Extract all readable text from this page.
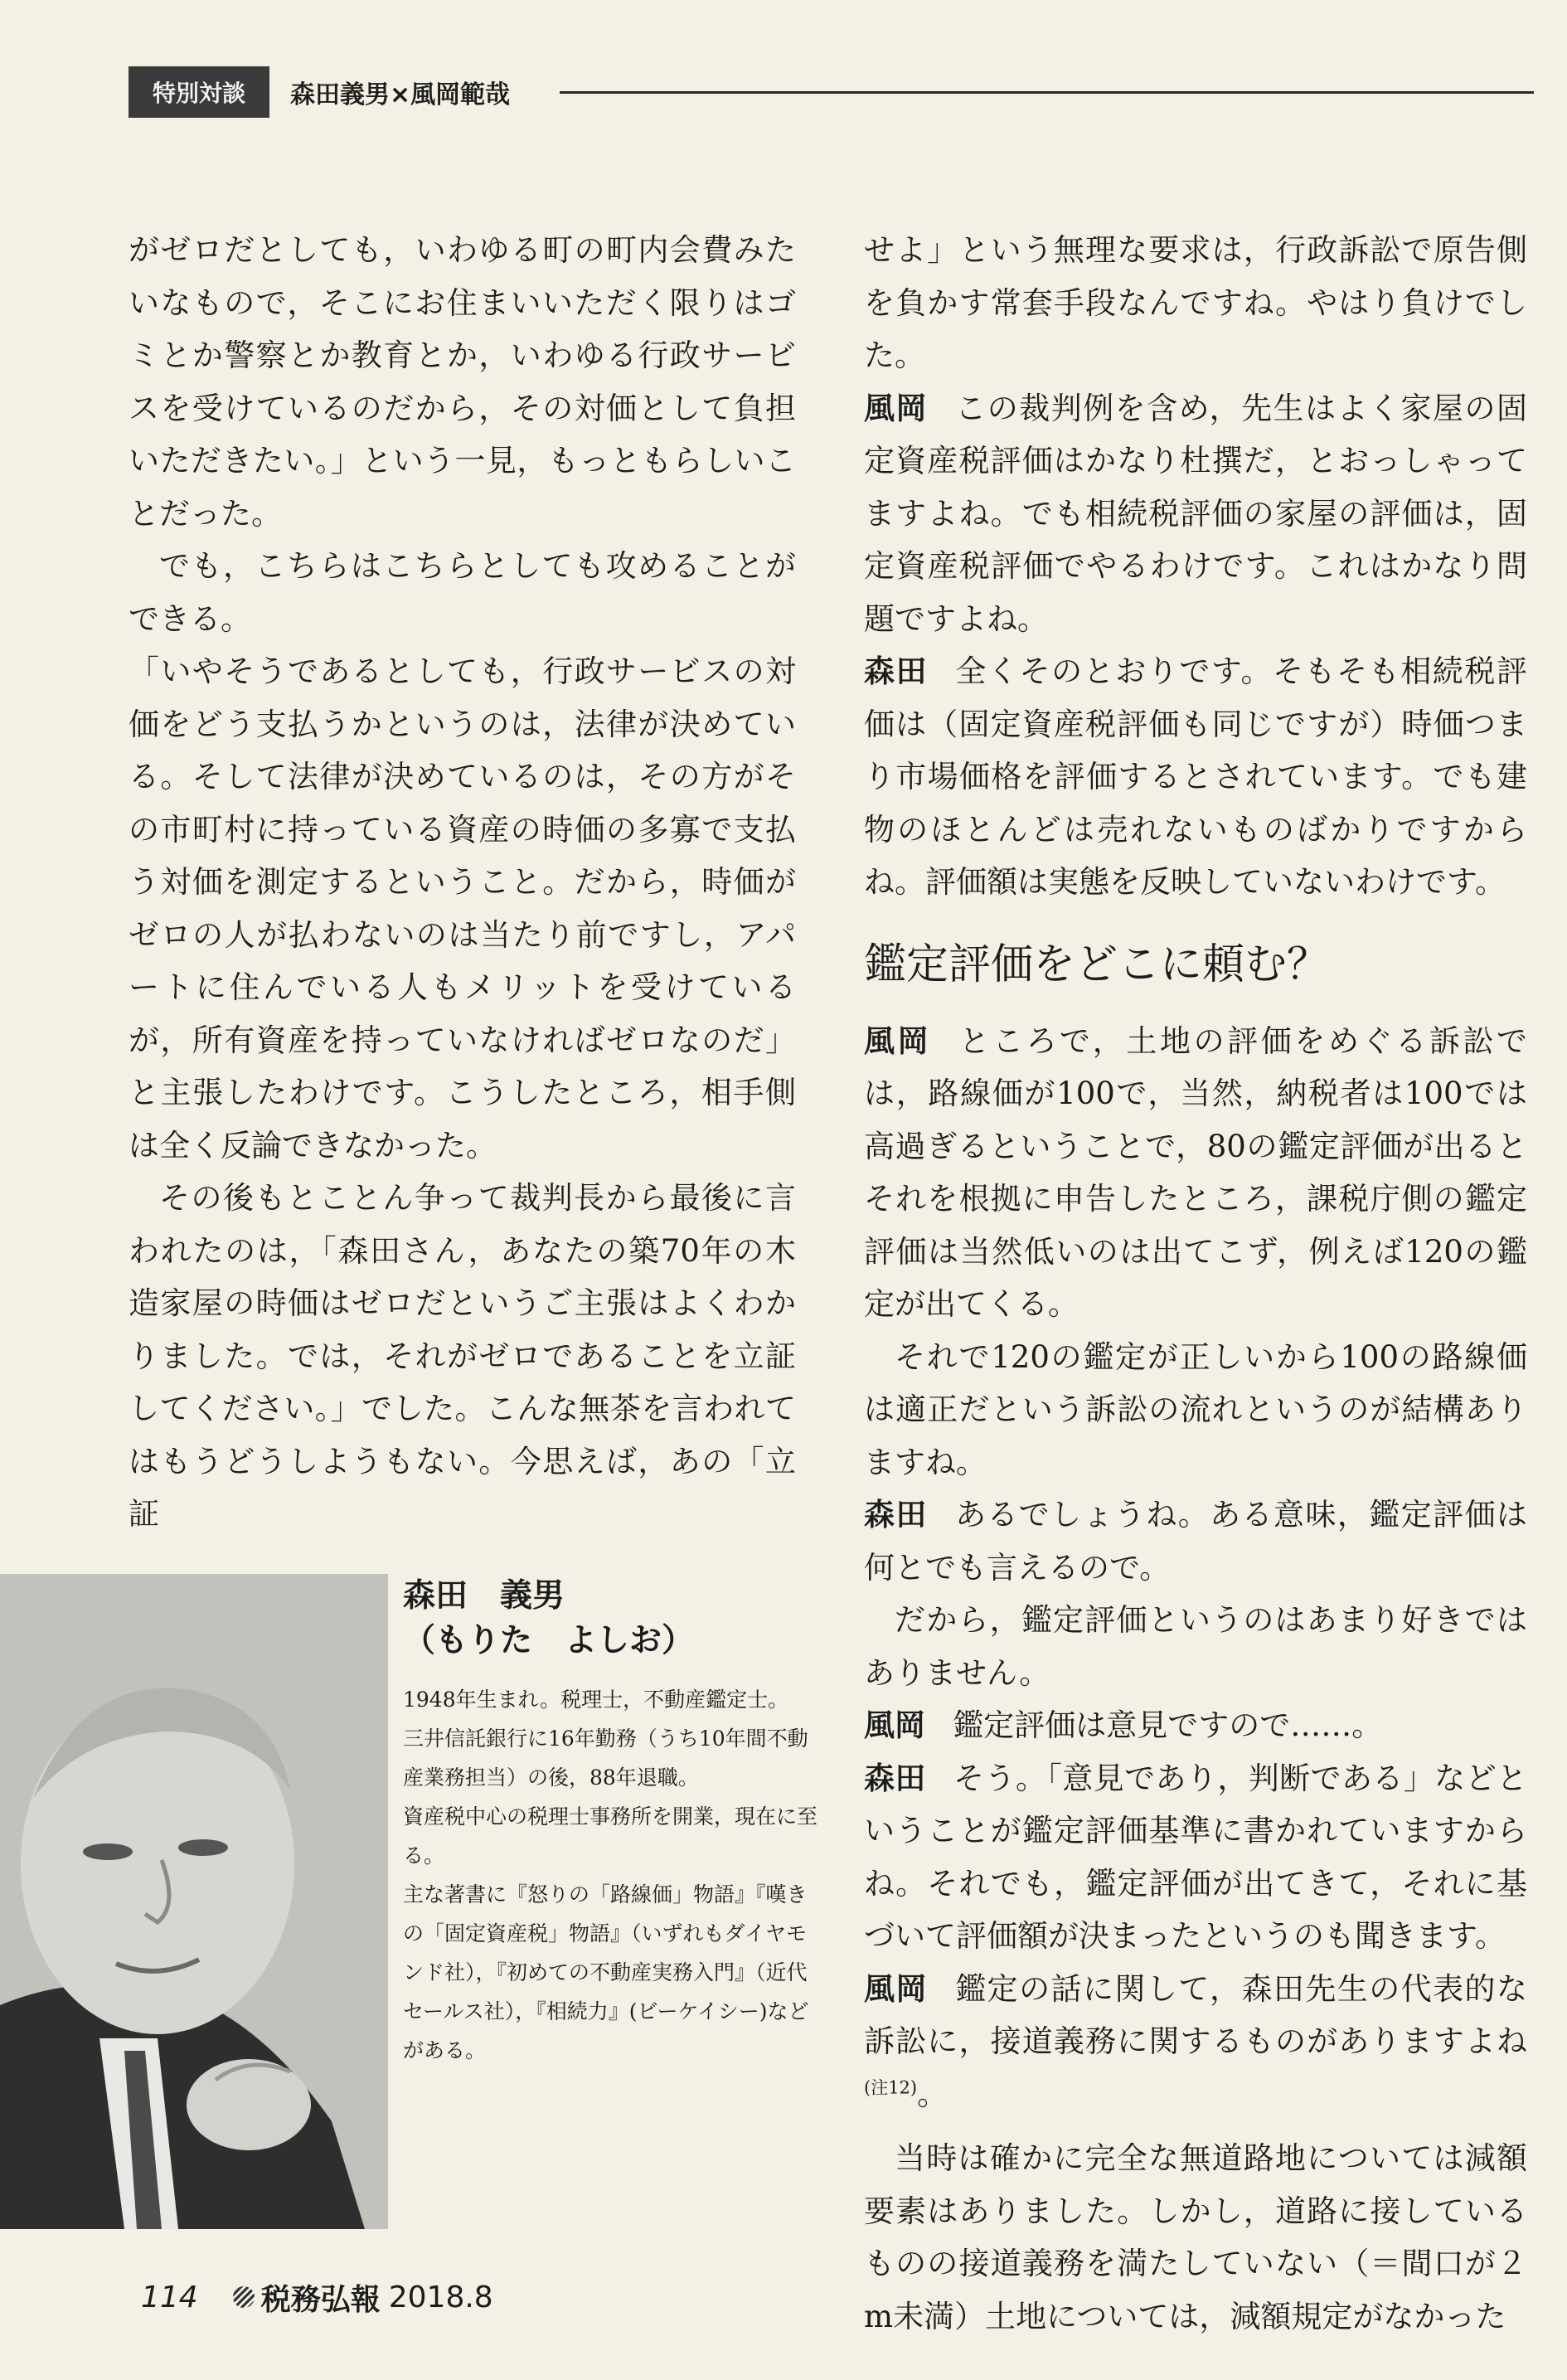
特別対談	森田義男×風岡範哉

がゼロだとしても，いわゆる町の町内会費みたいなもので，そこにお住まいいただく限りはゴミとか警察とか教育とか，いわゆる行政サービスを受けているのだから，その対価として負担いただきたい。」という一見，もっともらしいことだった。

でも，こちらはこちらとしても攻めることができる。

「いやそうであるとしても，行政サービスの対価をどう支払うかというのは，法律が決めている。そして法律が決めているのは，その方がその市町村に持っている資産の時価の多寡で支払う対価を測定するということ。だから，時価がゼロの人が払わないのは当たり前ですし，アパートに住んでいる人もメリットを受けているが，所有資産を持っていなければゼロなのだ」と主張したわけです。こうしたところ，相手側は全く反論できなかった。

その後もとことん争って裁判長から最後に言われたのは，「森田さん，あなたの築70年の木造家屋の時価はゼロだというご主張はよくわかりました。では，それがゼロであることを立証してください。」でした。こんな無茶を言われてはもうどうしようもない。今思えば，あの「立証

せよ」という無理な要求は，行政訴訟で原告側を負かす常套手段なんですね。やはり負けでした。

風岡 この裁判例を含め，先生はよく家屋の固定資産税評価はかなり杜撰だ，とおっしゃってますよね。でも相続税評価の家屋の評価は，固定資産税評価でやるわけです。これはかなり問題ですよね。

森田 全くそのとおりです。そもそも相続税評価は（固定資産税評価も同じですが）時価つまり市場価格を評価するとされています。でも建物のほとんどは売れないものばかりですからね。評価額は実態を反映していないわけです。

鑑定評価をどこに頼む？

風岡 ところで，土地の評価をめぐる訴訟では，路線価が100で，当然，納税者は100では高過ぎるということで，80の鑑定評価が出るとそれを根拠に申告したところ，課税庁側の鑑定評価は当然低いのは出てこず，例えば120の鑑定が出てくる。

それで120の鑑定が正しいから100の路線価は適正だという訴訟の流れというのが結構ありますね。

森田 あるでしょうね。ある意味，鑑定評価は何とでも言えるので。

だから，鑑定評価というのはあまり好きではありません。

風岡 鑑定評価は意見ですので……。

森田 そう。「意見であり，判断である」などということが鑑定評価基準に書かれていますからね。それでも，鑑定評価が出てきて，それに基づいて評価額が決まったというのも聞きます。

風岡 鑑定の話に関して，森田先生の代表的な訴訟に，接道義務に関するものがありますよね$^{(注12)}$。

当時は確かに完全な無道路地については減額要素はありました。しかし，道路に接しているものの接道義務を満たしていない（＝間口が２m未満）土地については，減額規定がなかった

森田　義男
（もりた　よしお）

1948年生まれ。税理士，不動産鑑定士。

三井信託銀行に16年勤務（うち10年間不動産業務担当）の後，88年退職。

資産税中心の税理士事務所を開業，現在に至る。

主な著書に『怒りの「路線価」物語』『嘆きの「固定資産税」物語』（いずれもダイヤモンド社），『初めての不動産実務入門』（近代セールス社），『相続力』(ビーケイシー)などがある。

114 税務弘報 2018.8
